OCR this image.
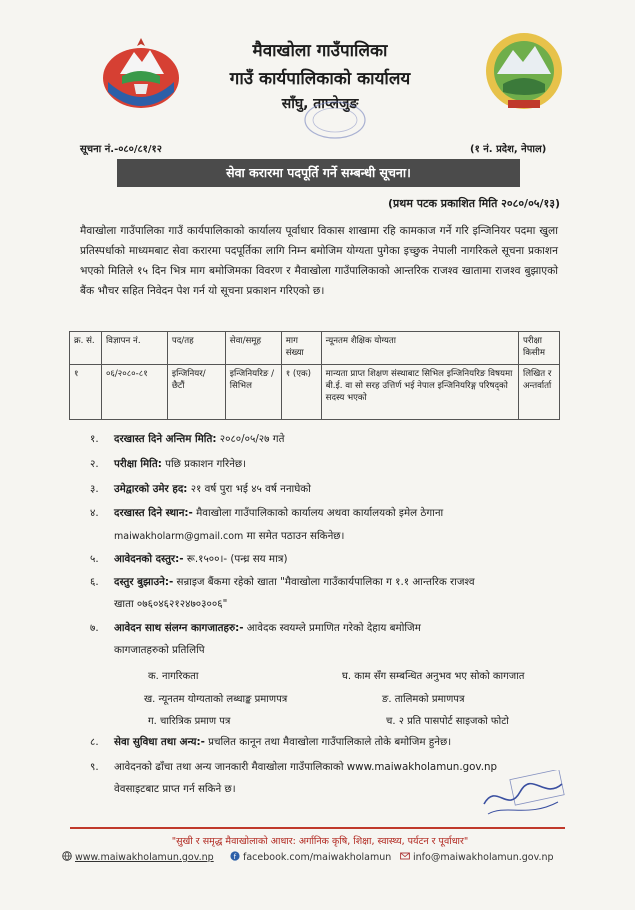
मैवाखोला गाउँपालिका
गाउँ कार्यपालिकाको कार्यालय
साँघु, ताप्लेजुङ
सूचना नं.-०८०/८१/१२	(१ नं. प्रदेश, नेपाल)
सेवा करारमा पदपूर्ति गर्ने सम्बन्धी सूचना।
(प्रथम पटक प्रकाशित मिति २०८०/०५/१३)
मैवाखोला गाउँपालिका गाउँ कार्यपालिकाको कार्यालय पूर्वाधार विकास शाखामा रहि कामकाज गर्ने गरि इन्जिनियर पदमा खुला प्रतिस्पर्धाको माध्यमबाट सेवा करारमा पदपूर्तिका लागि निम्न बमोजिम योग्यता पुगेका इच्छुक नेपाली नागरिकले सूचना प्रकाशन भएको मितिले १५ दिन भित्र माग बमोजिमका विवरण र मैवाखोला गाउँपालिकाको आन्तरिक राजश्व खातामा राजश्व बुझाएको बैंक भौचर सहित निवेदन पेश गर्न यो सूचना प्रकाशन गरिएको छ।
क्र. सं.	विज्ञापन नं.	पद/तह	सेवा/समूह	माग संख्या	न्यूनतम शैक्षिक योग्यता	परीक्षा किसीम
१	०६/२०८०-८१	इन्जिनियर/ छैटौं	इन्जिनियरिङ /सिभिल	१ (एक)	मान्यता प्राप्त शिक्षण संस्थाबाट सिभिल इन्जिनियरिङ विषयमा बी.ई. वा सो सरह उत्तिर्ण भई नेपाल इन्जिनियरिङ्ग परिषद्को सदस्य भएको	लिखित र अन्तर्वार्ता
१. दरखास्त दिने अन्तिम मिति: २०८०/०५/२७ गते
२. परीक्षा मिति: पछि प्रकाशन गरिनेछ।
३. उमेद्वारको उमेर हद: २१ वर्ष पुरा भई ४५ वर्ष ननाघेको
४. दरखास्त दिने स्थान:- मैवाखोला गाउँपालिकाको कार्यालय अथवा कार्यालयको इमेल ठेगाना
maiwakholarm@gmail.com मा समेत पठाउन सकिनेछ।
५. आवेदनको दस्तुर:- रू.१५००।- (पन्ध्र सय मात्र)
६. दस्तुर बुझाउने:- सन्राइज बैंकमा रहेको खाता "मैवाखोला गाउँकार्यपालिका ग १.१ आन्तरिक राजश्व
खाता ०७६०४६२१२४७०३००६"
७. आवेदन साथ संलग्न कागजातहरु:- आवेदक स्वयम्ले प्रमाणित गरेको देहाय बमोजिम
कागजातहरुको प्रतिलिपि
क. नागरिकता
ख. न्यूनतम योग्यताको लब्धाङ्क प्रमाणपत्र
ग. चारित्रिक प्रमाण पत्र
घ. काम सँग सम्बन्धित अनुभव भए सोको कागजात
ङ. तालिमको प्रमाणपत्र
च. २ प्रति पासपोर्ट साइजको फोटो
८. सेवा सुविधा तथा अन्य:- प्रचलित कानून तथा मैवाखोला गाउँपालिकाले तोके बमोजिम हुनेछ।
९. आवेदनको ढाँचा तथा अन्य जानकारी मैवाखोला गाउँपालिकाको www.maiwakholamun.gov.np
वेवसाइटबाट प्राप्त गर्न सकिने छ।
"सुखी र समृद्ध मैवाखोलाको आधार: अर्गानिक कृषि, शिक्षा, स्वास्थ्य, पर्यटन र पूर्वाधार"
www.maiwakholamun.gov.np	f facebook.com/maiwakholamun	info@maiwakholamun.gov.np
